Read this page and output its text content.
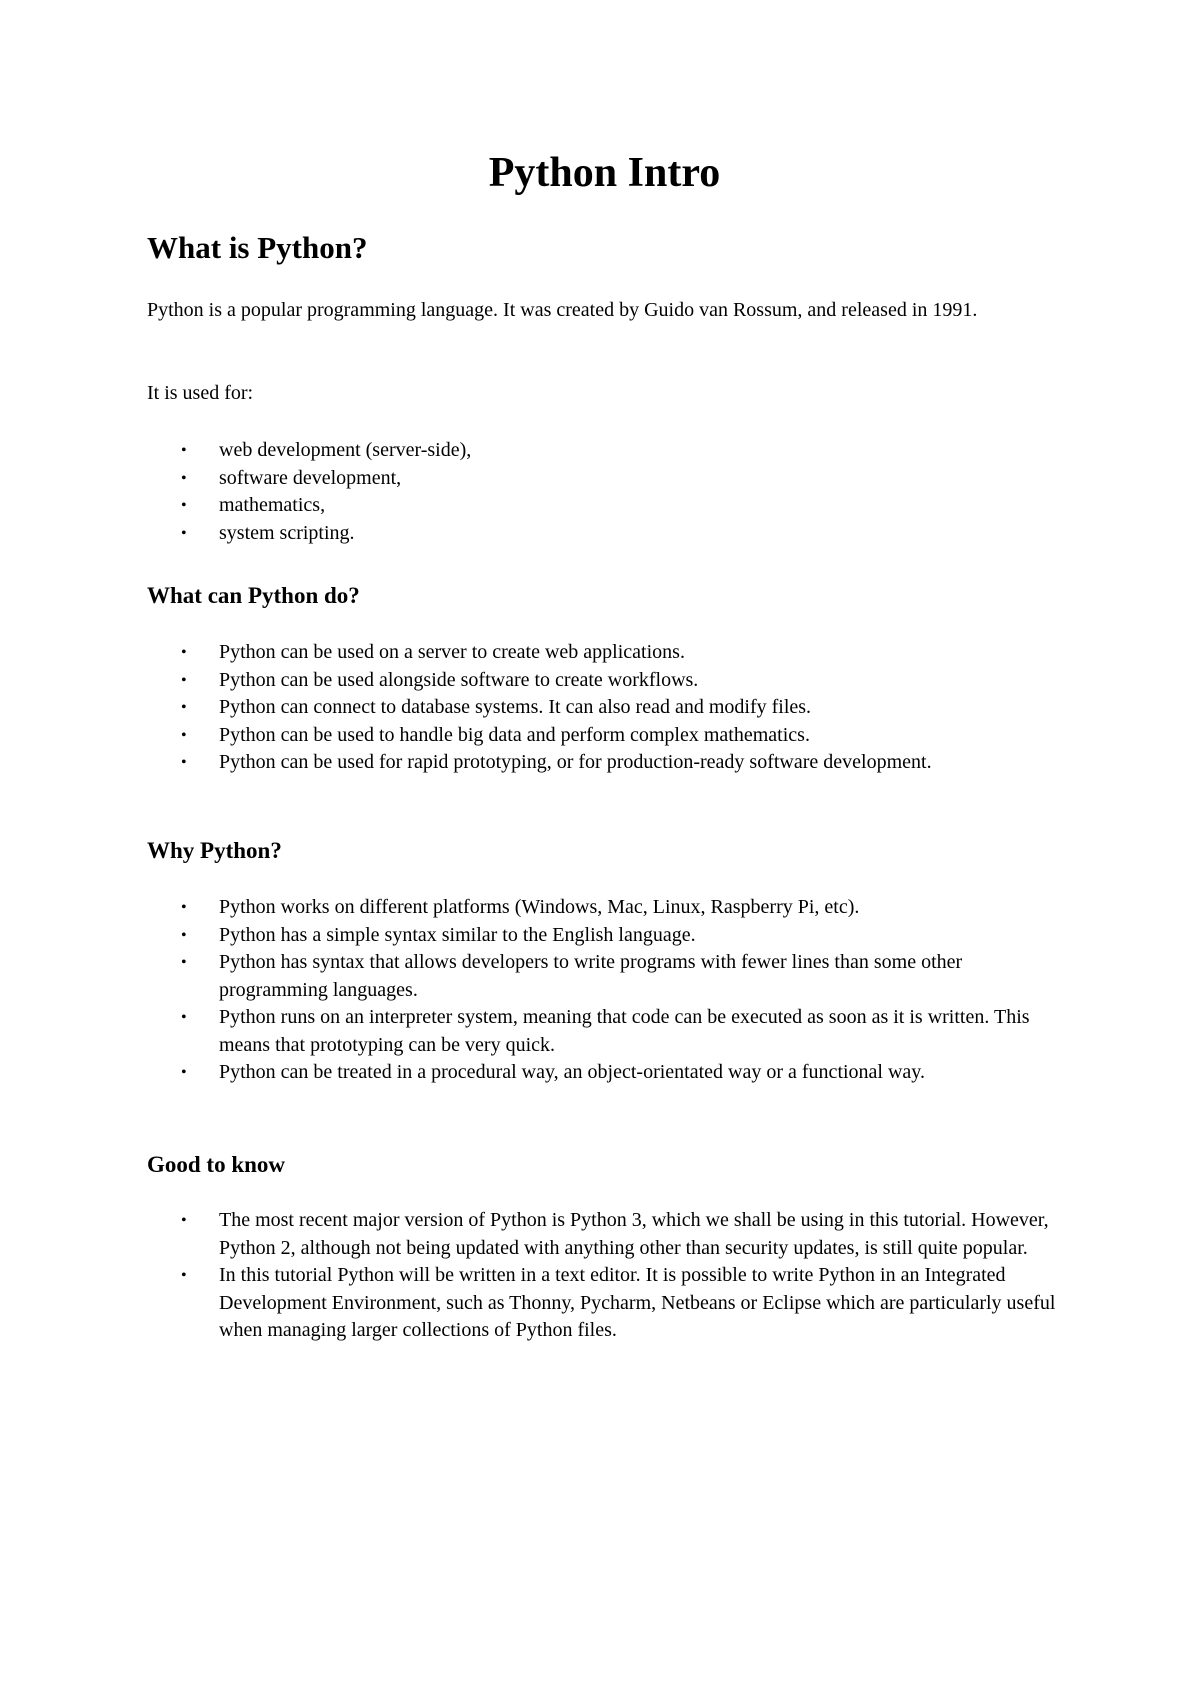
Python Intro
What is Python?

Python is a popular programming language. It was created by Guido van Rossum, and released in 1991.

It is used for:

• web development (server-side),
• software development,
• mathematics,
• system scripting.
What can Python do?
• Python can be used on a server to create web applications.
• Python can be used alongside software to create workflows.
• Python can connect to database systems. It can also read and modify files.
• Python can be used to handle big data and perform complex mathematics.
• Python can be used for rapid prototyping, or for production-ready software development.
Why Python?
• Python works on different platforms (Windows, Mac, Linux, Raspberry Pi, etc).
• Python has a simple syntax similar to the English language.
• Python has syntax that allows developers to write programs with fewer lines than some other programming languages.
• Python runs on an interpreter system, meaning that code can be executed as soon as it is written. This means that prototyping can be very quick.
• Python can be treated in a procedural way, an object-orientated way or a functional way.
Good to know
• The most recent major version of Python is Python 3, which we shall be using in this tutorial. However, Python 2, although not being updated with anything other than security updates, is still quite popular.
• In this tutorial Python will be written in a text editor. It is possible to write Python in an Integrated Development Environment, such as Thonny, Pycharm, Netbeans or Eclipse which are particularly useful when managing larger collections of Python files.
